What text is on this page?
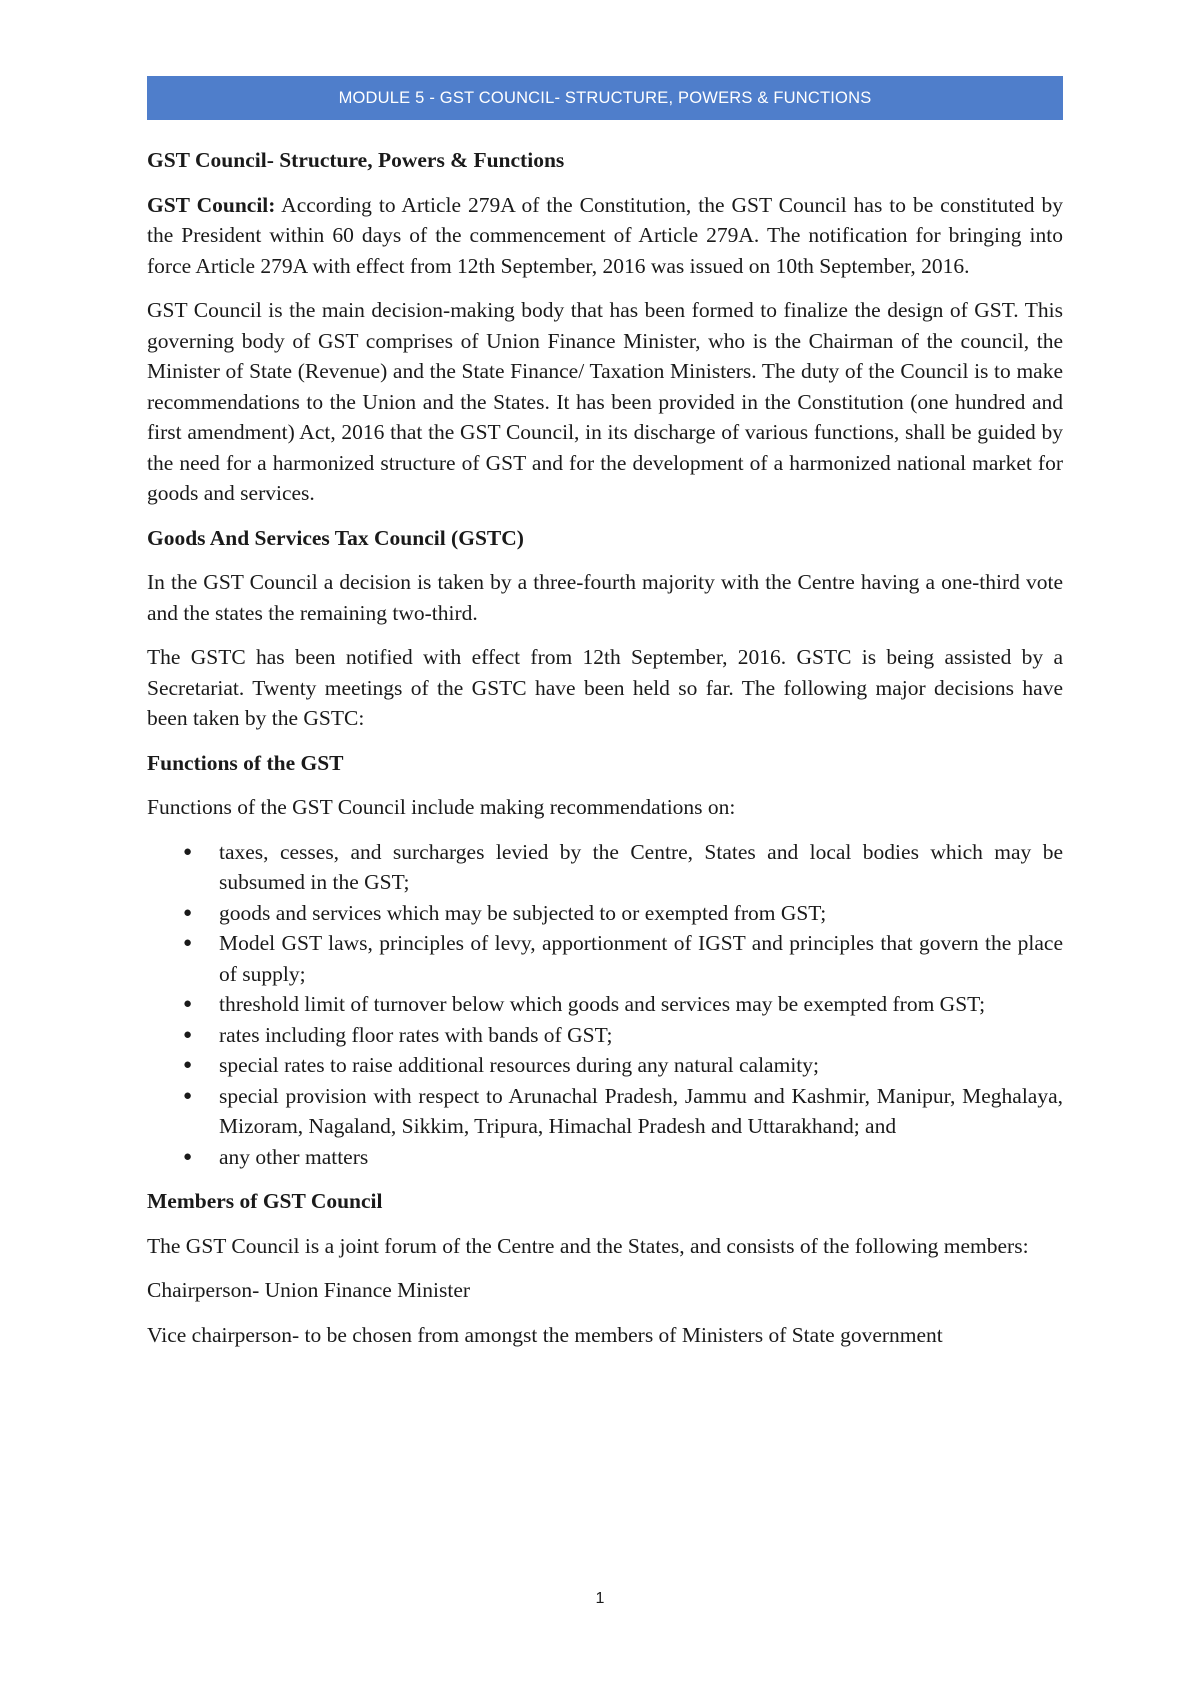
MODULE 5 - GST COUNCIL- STRUCTURE, POWERS & FUNCTIONS
GST Council- Structure, Powers & Functions

GST Council: According to Article 279A of the Constitution, the GST Council has to be constituted by the President within 60 days of the commencement of Article 279A. The notification for bringing into force Article 279A with effect from 12th September, 2016 was issued on 10th September, 2016.

GST Council is the main decision-making body that has been formed to finalize the design of GST. This governing body of GST comprises of Union Finance Minister, who is the Chairman of the council, the Minister of State (Revenue) and the State Finance/ Taxation Ministers. The duty of the Council is to make recommendations to the Union and the States. It has been provided in the Constitution (one hundred and first amendment) Act, 2016 that the GST Council, in its discharge of various functions, shall be guided by the need for a harmonized structure of GST and for the development of a harmonized national market for goods and services.

Goods And Services Tax Council (GSTC)

In the GST Council a decision is taken by a three-fourth majority with the Centre having a one-third vote and the states the remaining two-third.

The GSTC has been notified with effect from 12th September, 2016. GSTC is being assisted by a Secretariat. Twenty meetings of the GSTC have been held so far. The following major decisions have been taken by the GSTC:

Functions of the GST

Functions of the GST Council include making recommendations on:

● taxes, cesses, and surcharges levied by the Centre, States and local bodies which may be subsumed in the GST;
● goods and services which may be subjected to or exempted from GST;
● Model GST laws, principles of levy, apportionment of IGST and principles that govern the place of supply;
● threshold limit of turnover below which goods and services may be exempted from GST;
● rates including floor rates with bands of GST;
● special rates to raise additional resources during any natural calamity;
● special provision with respect to Arunachal Pradesh, Jammu and Kashmir, Manipur, Meghalaya, Mizoram, Nagaland, Sikkim, Tripura, Himachal Pradesh and Uttarakhand; and
● any other matters
Members of GST Council

The GST Council is a joint forum of the Centre and the States, and consists of the following members:

Chairperson- Union Finance Minister

Vice chairperson- to be chosen from amongst the members of Ministers of State government

1
